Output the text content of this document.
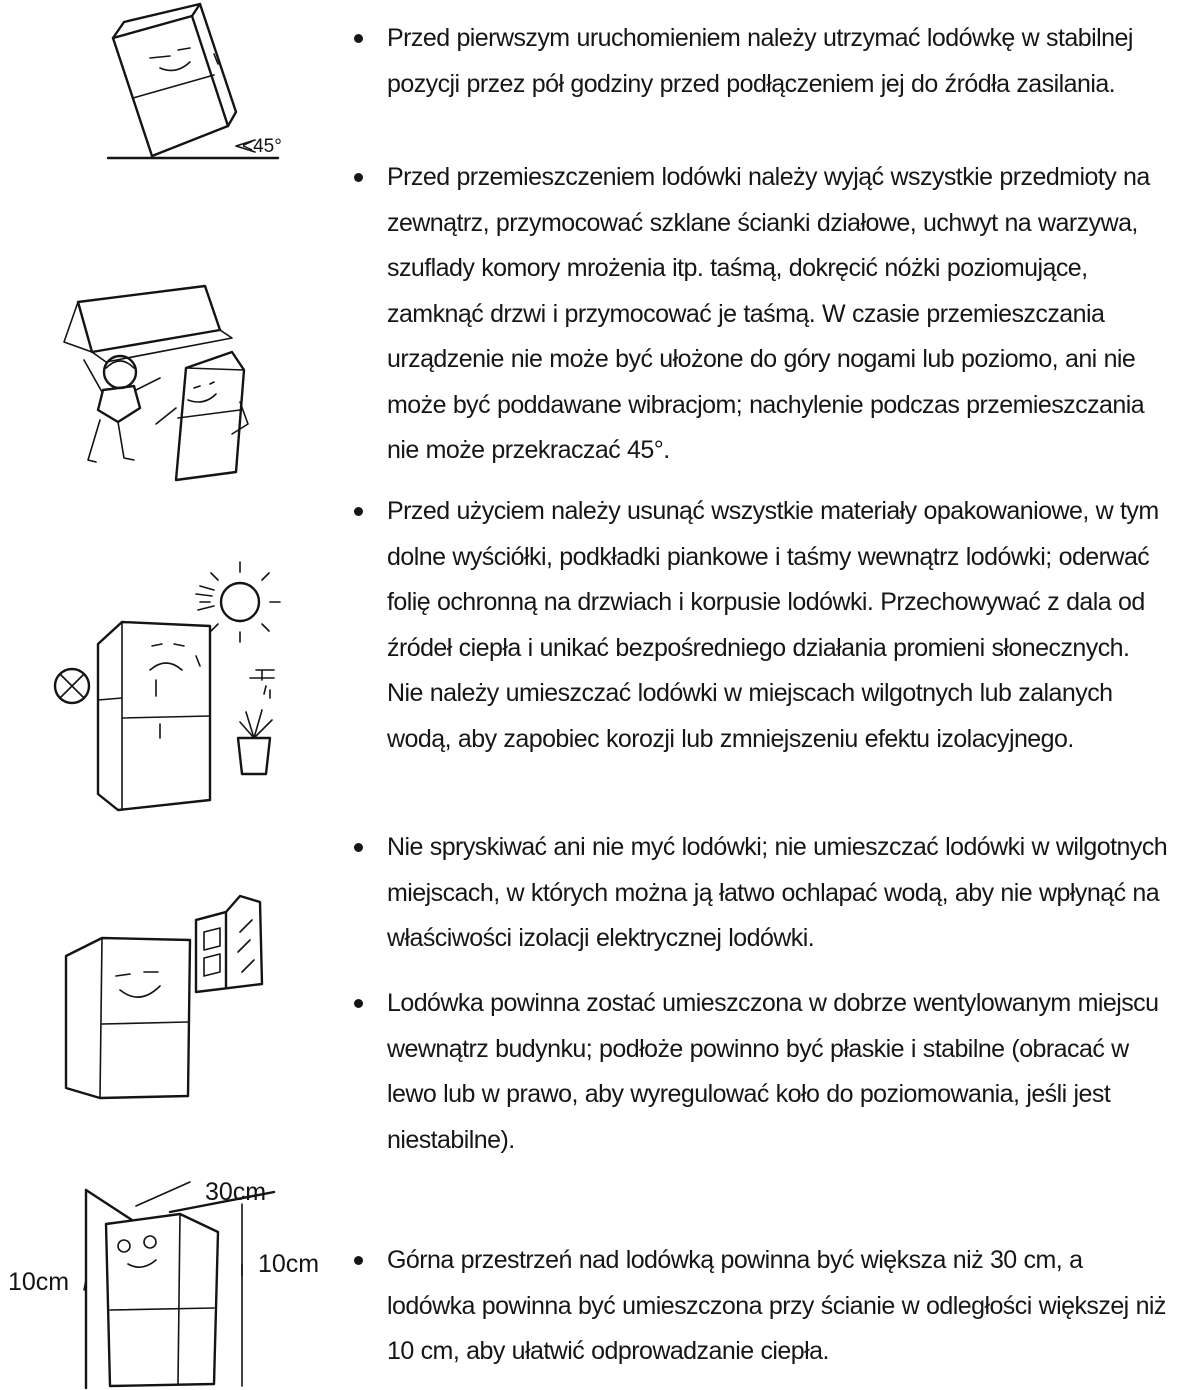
<45°
30cm
10cm
10cm

Przed pierwszym uruchomieniem należy utrzymać lodówkę w stabilnej pozycji przez pół godziny przed podłączeniem jej do źródła zasilania.

Przed przemieszczeniem lodówki należy wyjąć wszystkie przedmioty na zewnątrz, przymocować szklane ścianki działowe, uchwyt na warzywa, szuflady komory mrożenia itp. taśmą, dokręcić nóżki poziomujące, zamknąć drzwi i przymocować je taśmą. W czasie przemieszczania urządzenie nie może być ułożone do góry nogami lub poziomo, ani nie może być poddawane wibracjom; nachylenie podczas przemieszczania nie może przekraczać 45°.

Przed użyciem należy usunąć wszystkie materiały opakowaniowe, w tym dolne wyściółki, podkładki piankowe i taśmy wewnątrz lodówki; oderwać folię ochronną na drzwiach i korpusie lodówki. Przechowywać z dala od źródeł ciepła i unikać bezpośredniego działania promieni słonecznych. Nie należy umieszczać lodówki w miejscach wilgotnych lub zalanych wodą, aby zapobiec korozji lub zmniejszeniu efektu izolacyjnego.

Nie spryskiwać ani nie myć lodówki; nie umieszczać lodówki w wilgotnych miejscach, w których można ją łatwo ochlapać wodą, aby nie wpłynąć na właściwości izolacji elektrycznej lodówki.

Lodówka powinna zostać umieszczona w dobrze wentylowanym miejscu wewnątrz budynku; podłoże powinno być płaskie i stabilne (obracać w lewo lub w prawo, aby wyregulować koło do poziomowania, jeśli jest niestabilne).

Górna przestrzeń nad lodówką powinna być większa niż 30 cm, a lodówka powinna być umieszczona przy ścianie w odległości większej niż 10 cm, aby ułatwić odprowadzanie ciepła.
